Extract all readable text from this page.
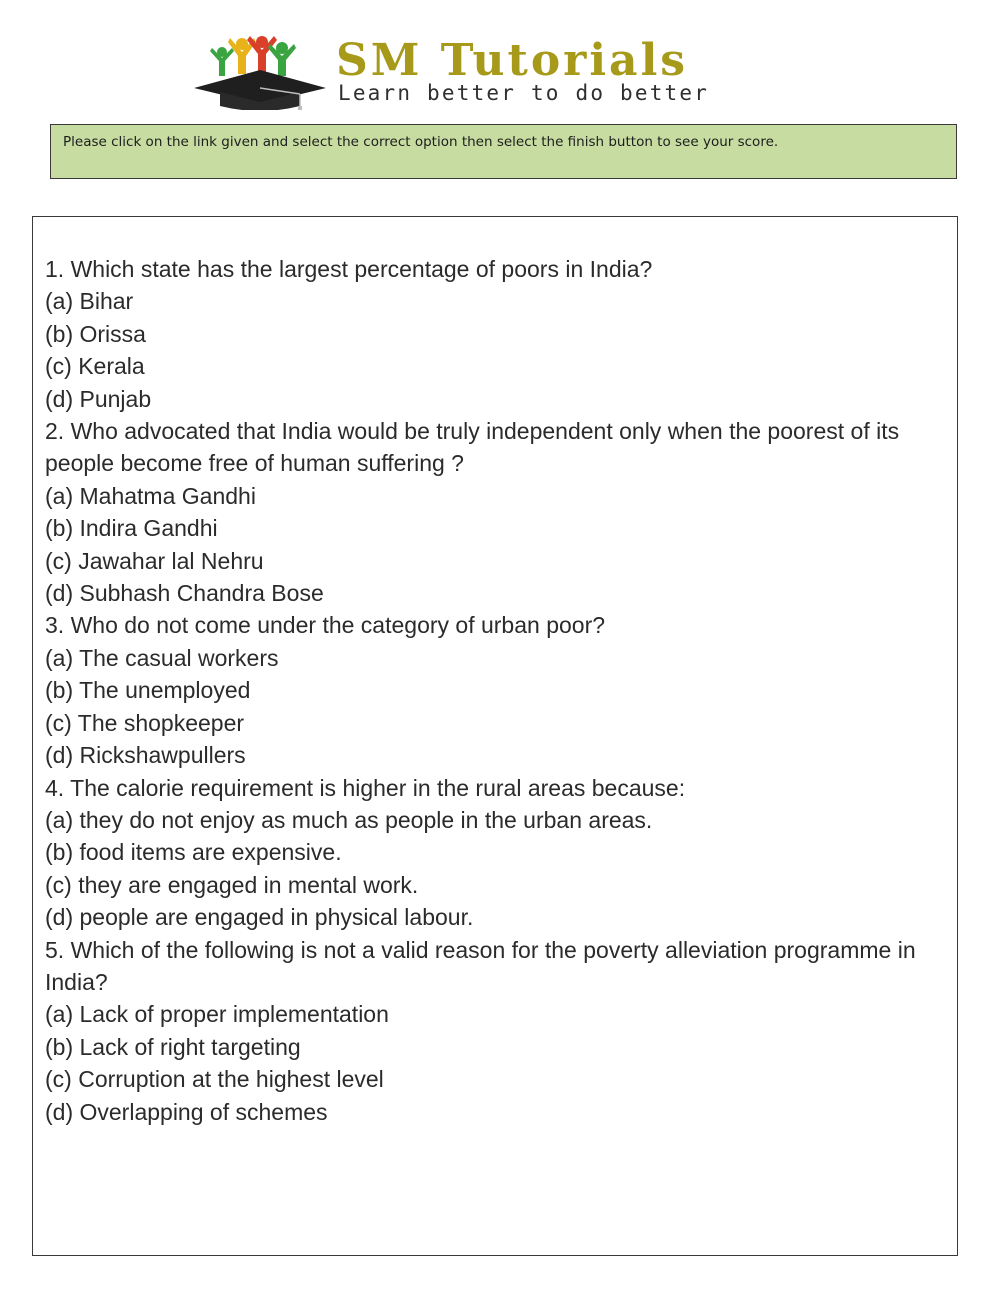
SM Tutorials
Learn better to do better
Please click on the link given and select the correct option then select the finish button to see your score.

1. Which state has the largest percentage of poors in India?

(a) Bihar

(b) Orissa

(c) Kerala

(d) Punjab

2. Who advocated that India would be truly independent only when the poorest of its people become free of human suffering ?

(a) Mahatma Gandhi

(b) Indira Gandhi

(c) Jawahar lal Nehru

(d) Subhash Chandra Bose

3. Who do not come under the category of urban poor?

(a) The casual workers

(b) The unemployed

(c) The shopkeeper

(d) Rickshawpullers

4. The calorie requirement is higher in the rural areas because:

(a) they do not enjoy as much as people in the urban areas.

(b) food items are expensive.

(c) they are engaged in mental work.

(d) people are engaged in physical labour.

5. Which of the following is not a valid reason for the poverty alleviation programme in India?

(a) Lack of proper implementation

(b) Lack of right targeting

(c) Corruption at the highest level

(d) Overlapping of schemes
